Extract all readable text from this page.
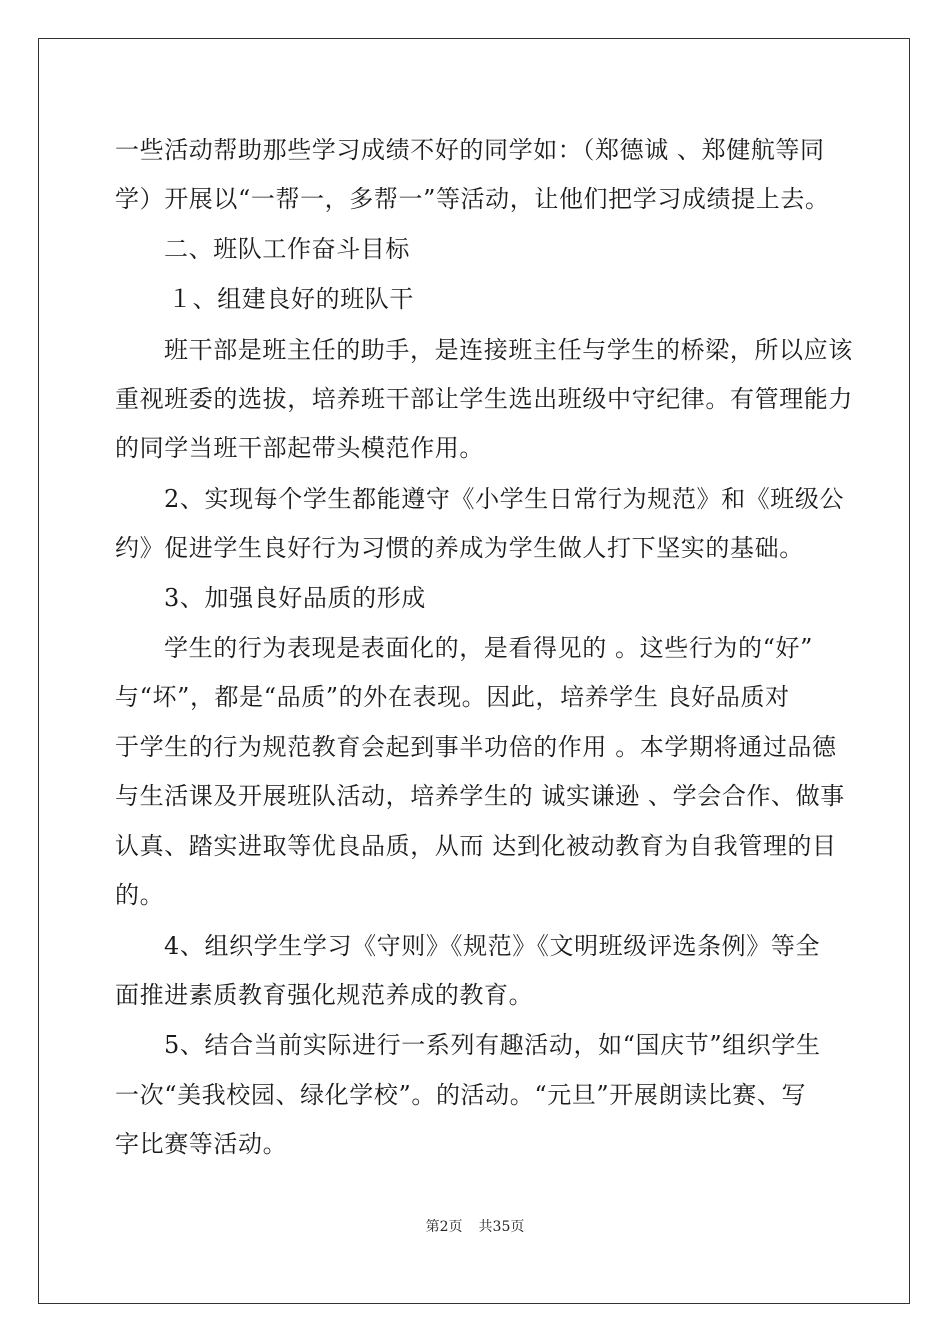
一些活动帮助那些学习成绩不好的同学如：（郑德诚 、郑健航等同
学）开展以“一帮一，多帮一”等活动，让他们把学习成绩提上去。
二、班队工作奋斗目标
１、组建良好的班队干
班干部是班主任的助手，是连接班主任与学生的桥梁，所以应该
重视班委的选拔，培养班干部让学生选出班级中守纪律。有管理能力
的同学当班干部起带头模范作用。
2、实现每个学生都能遵守《小学生日常行为规范》和《班级公
约》促进学生良好行为习惯的养成为学生做人打下坚实的基础。
3、加强良好品质的形成
学生的行为表现是表面化的，是看得见的 。这些行为的“好”
与“坏”，都是“品质”的外在表现。因此，培养学生 良好品质对
于学生的行为规范教育会起到事半功倍的作用 。本学期将通过品德
与生活课及开展班队活动，培养学生的 诚实谦逊 、学会合作、做事
认真、踏实进取等优良品质，从而 达到化被动教育为自我管理的目
的。
4、组织学生学习《守则》《规范》《文明班级评选条例》等全
面推进素质教育强化规范养成的教育。
5、结合当前实际进行一系列有趣活动，如“国庆节”组织学生
一次“美我校园、绿化学校”。的活动。“元旦”开展朗读比赛、写
字比赛等活动。
第2页 共35页
